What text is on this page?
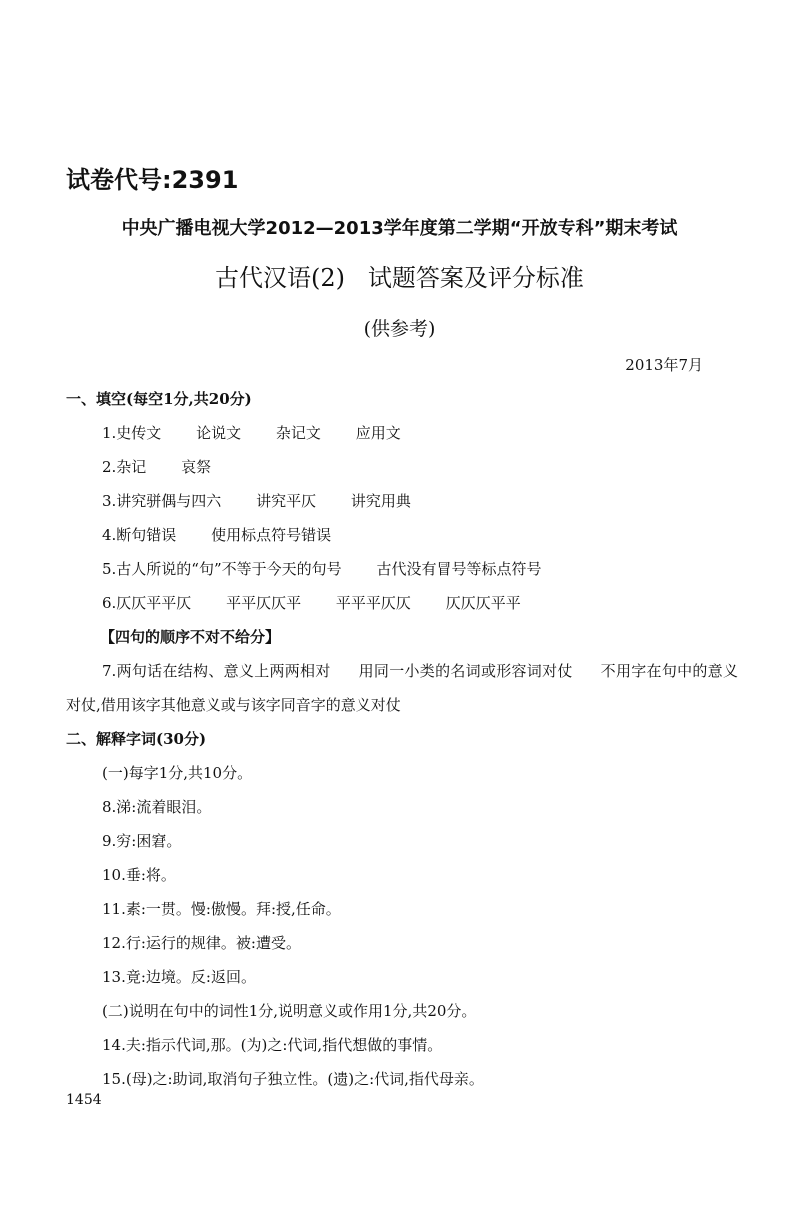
试卷代号:2391
中央广播电视大学2012—2013学年度第二学期“开放专科”期末考试
古代汉语(2)   试题答案及评分标准
(供参考)
2013年7月
一、填空(每空1分,共20分)
1.史传文 论说文 杂记文 应用文
2.杂记 哀祭
3.讲究骈偶与四六 讲究平仄 讲究用典
4.断句错误 使用标点符号错误
5.古人所说的“句”不等于今天的句号 古代没有冒号等标点符号
6.仄仄平平仄 平平仄仄平 平平平仄仄 仄仄仄平平
【四句的顺序不对不给分】
7.两句话在结构、意义上两两相对 用同一小类的名词或形容词对仗 不用字在句中的意义对仗,借用该字其他意义或与该字同音字的意义对仗
二、解释字词(30分)
(一)每字1分,共10分。
8.涕:流着眼泪。
9.穷:困窘。
10.垂:将。
11.素:一贯。慢:傲慢。拜:授,任命。
12.行:运行的规律。被:遭受。
13.竟:边境。反:返回。
(二)说明在句中的词性1分,说明意义或作用1分,共20分。
14.夫:指示代词,那。(为)之:代词,指代想做的事情。
15.(母)之:助词,取消句子独立性。(遗)之:代词,指代母亲。
1454
